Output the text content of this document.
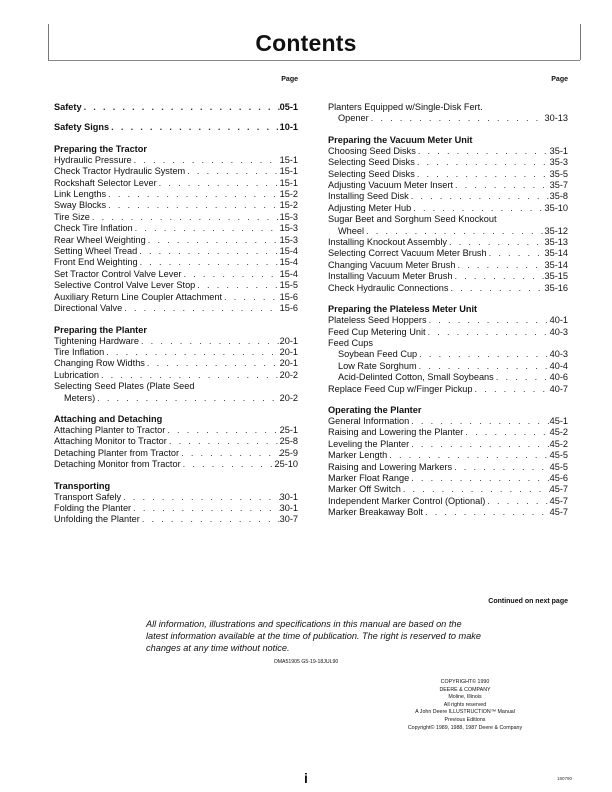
Contents
Page
Safety . . .	05-1
Safety Signs . . .	10-1
Preparing the Tractor
Hydraulic Pressure . . .	15-1
Check Tractor Hydraulic System . . .	15-1
Rockshaft Selector Lever . . .	15-1
Link Lengths . . .	15-2
Sway Blocks . . .	15-2
Tire Size . . .	15-3
Check Tire Inflation . . .	15-3
Rear Wheel Weighting . . .	15-3
Setting Wheel Tread . . .	15-4
Front End Weighting . . .	15-4
Set Tractor Control Valve Lever . . .	15-4
Selective Control Valve Lever Stop . . .	15-5
Auxiliary Return Line Coupler Attachment . . .	15-6
Directional Valve . . .	15-6
Preparing the Planter
Tightening Hardware . . .	20-1
Tire Inflation . . .	20-1
Changing Row Widths . . .	20-1
Lubrication . . .	20-2
Selecting Seed Plates (Plate Seed
Meters) . . .	20-2
Attaching and Detaching
Attaching Planter to Tractor . . .	25-1
Attaching Monitor to Tractor . . .	25-8
Detaching Planter from Tractor . . .	25-9
Detaching Monitor from Tractor . . .	25-10
Transporting
Transport Safely . . .	30-1
Folding the Planter . . .	30-1
Unfolding the Planter . . .	30-7
Page
Planters Equipped w/Single-Disk Fert.
Opener . . .	30-13
Preparing the Vacuum Meter Unit
Choosing Seed Disks . . .	35-1
Selecting Seed Disks . . .	35-3
Selecting Seed Disks . . .	35-5
Adjusting Vacuum Meter Insert . . .	35-7
Installing Seed Disk . . .	35-8
Adjusting Meter Hub . . .	35-10
Sugar Beet and Sorghum Seed Knockout
Wheel . . .	35-12
Installing Knockout Assembly . . .	35-13
Selecting Correct Vacuum Meter Brush . . .	35-14
Changing Vacuum Meter Brush . . .	35-14
Installing Vacuum Meter Brush . . .	35-15
Check Hydraulic Connections . . .	35-16
Preparing the Plateless Meter Unit
Plateless Seed Hoppers . . .	40-1
Feed Cup Metering Unit . . .	40-3
Feed Cups
Soybean Feed Cup . . .	40-3
Low Rate Sorghum . . .	40-4
Acid-Delinted Cotton, Small Soybeans . . .	40-6
Replace Feed Cup w/Finger Pickup . . .	40-7
Operating the Planter
General Information . . .	45-1
Raising and Lowering the Planter . . .	45-2
Leveling the Planter . . .	45-2
Marker Length . . .	45-5
Raising and Lowering Markers . . .	45-5
Marker Float Range . . .	45-6
Marker Off Switch . . .	45-7
Independent Marker Control (Optional) . . .	45-7
Marker Breakaway Bolt . . .	45-7
Continued on next page
All information, illustrations and specifications in this manual are based on the latest information available at the time of publication. The right is reserved to make changes at any time without notice.
OMA51905 G5-19-18JUL90
COPYRIGHT© 1990
DEERE & COMPANY
Moline, Illinois
All rights reserved
A John Deere ILLUSTRUCTION™ Manual
Previous Editions
Copyright© 1989, 1988, 1987 Deere & Company
i	180790
